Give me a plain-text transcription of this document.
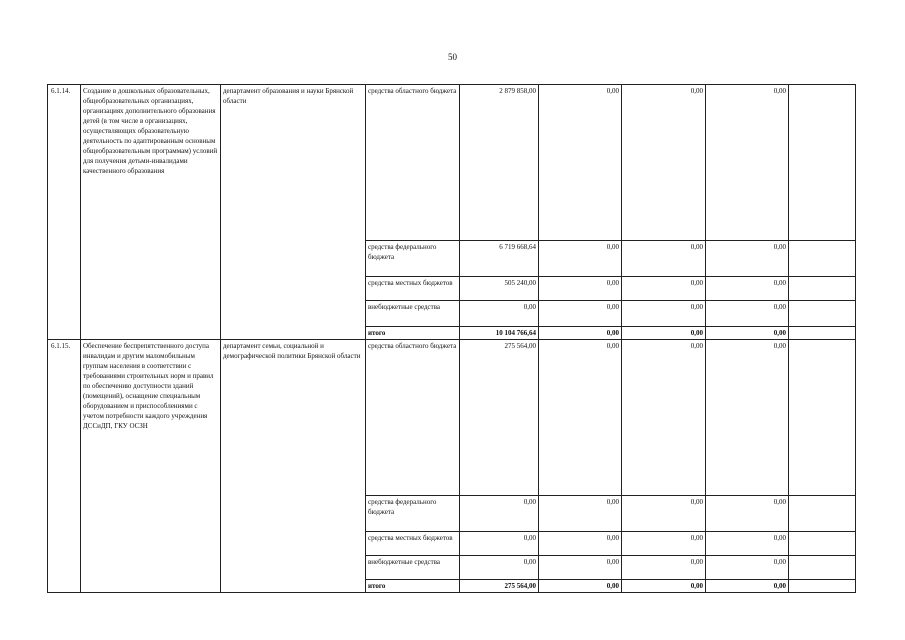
50
6.1.14.	Создание в дошкольных образовательных, общеобразовательных организациях, организациях дополнительного образования детей (в том числе в организациях, осуществляющих образовательную деятельность по адаптированным основным общеобразовательным программам) условий для получения детьми-инвалидами качественного образования	департамент образования и науки Брянской области	средства областного бюджета	2 879 858,00	0,00	0,00	0,00	
			средства федерального бюджета	6 719 668,64	0,00	0,00	0,00	
			средства местных бюджетов	505 240,00	0,00	0,00	0,00	
			внебюджетные средства	0,00	0,00	0,00	0,00	
			итого	10 104 766,64	0,00	0,00	0,00	
6.1.15.	Обеспечение беспрепятственного доступа инвалидам и другим маломобильным группам населения в соответствии с требованиями строительных норм и правил по обеспечению доступности зданий (помещений), оснащение специальным оборудованием и приспособлениями с учетом потребности каждого учреждения ДССиДП, ГКУ ОСЗН	департамент семьи, социальной и демографической политики Брянской области	средства областного бюджета	275 564,00	0,00	0,00	0,00	
			средства федерального бюджета	0,00	0,00	0,00	0,00	
			средства местных бюджетов	0,00	0,00	0,00	0,00	
			внебюджетные средства	0,00	0,00	0,00	0,00	
			итого	275 564,00	0,00	0,00	0,00	
